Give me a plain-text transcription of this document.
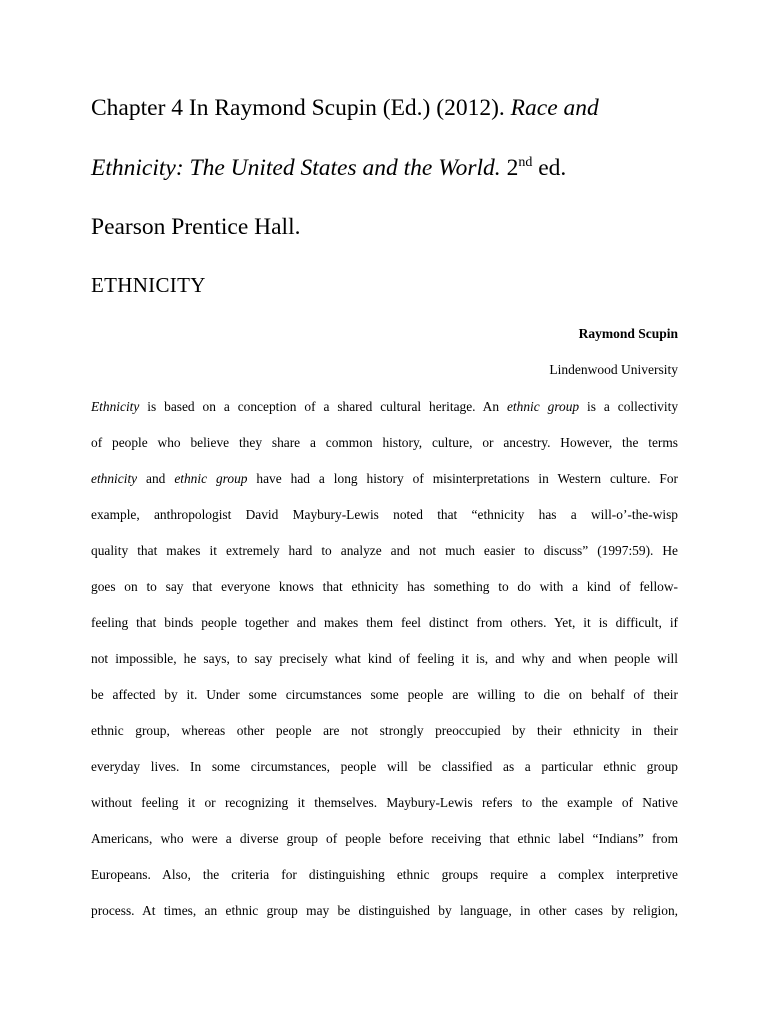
Chapter 4 In Raymond Scupin (Ed.) (2012). Race and
Ethnicity: The United States and the World. 2nd ed.
Pearson Prentice Hall.
ETHNICITY
Raymond Scupin
Lindenwood University
Ethnicity is based on a conception of a shared cultural heritage. An ethnic group is a collectivity
of people who believe they share a common history, culture, or ancestry. However, the terms
ethnicity and ethnic group have had a long history of misinterpretations in Western culture. For
example, anthropologist David Maybury-Lewis noted that “ethnicity has a will-o’-the-wisp
quality that makes it extremely hard to analyze and not much easier to discuss” (1997:59). He
goes on to say that everyone knows that ethnicity has something to do with a kind of fellow-
feeling that binds people together and makes them feel distinct from others. Yet, it is difficult, if
not impossible, he says, to say precisely what kind of feeling it is, and why and when people will
be affected by it. Under some circumstances some people are willing to die on behalf of their
ethnic group, whereas other people are not strongly preoccupied by their ethnicity in their
everyday lives. In some circumstances, people will be classified as a particular ethnic group
without feeling it or recognizing it themselves. Maybury-Lewis refers to the example of Native
Americans, who were a diverse group of people before receiving that ethnic label “Indians” from
Europeans. Also, the criteria for distinguishing ethnic groups require a complex interpretive
process. At times, an ethnic group may be distinguished by language, in other cases by religion,
